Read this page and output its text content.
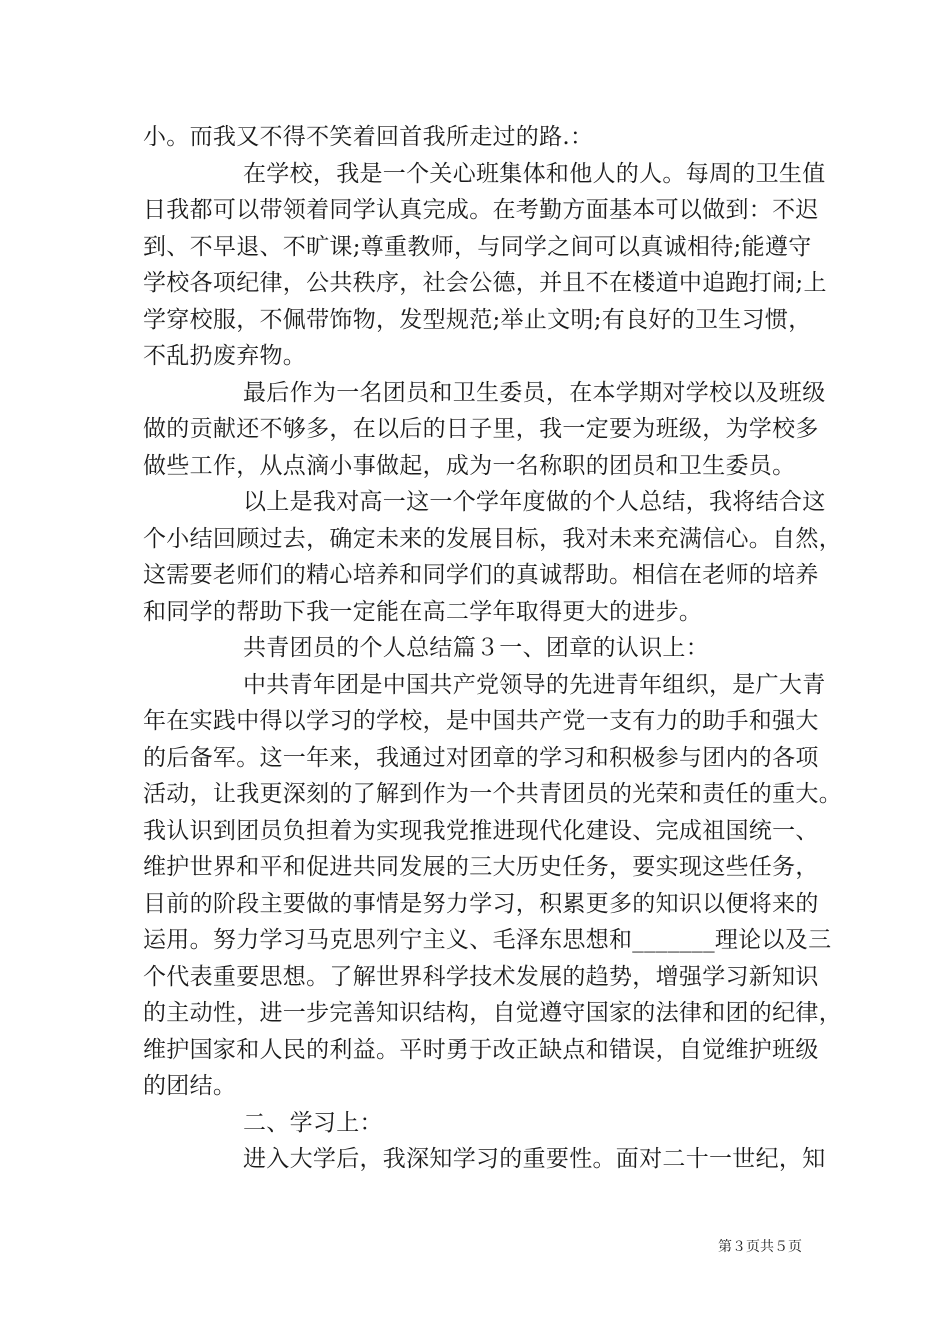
小。而我又不得不笑着回首我所走过的路.：
在学校，我是一个关心班集体和他人的人。每周的卫生值
日我都可以带领着同学认真完成。在考勤方面基本可以做到：不迟
到、不早退、不旷课;尊重教师，与同学之间可以真诚相待;能遵守
学校各项纪律，公共秩序，社会公德，并且不在楼道中追跑打闹;上
学穿校服，不佩带饰物，发型规范;举止文明;有良好的卫生习惯，
不乱扔废弃物。
最后作为一名团员和卫生委员，在本学期对学校以及班级
做的贡献还不够多，在以后的日子里，我一定要为班级，为学校多
做些工作，从点滴小事做起，成为一名称职的团员和卫生委员。
以上是我对高一这一个学年度做的个人总结，我将结合这
个小结回顾过去，确定未来的发展目标，我对未来充满信心。自然，
这需要老师们的精心培养和同学们的真诚帮助。相信在老师的培养
和同学的帮助下我一定能在高二学年取得更大的进步。
共青团员的个人总结篇３一、团章的认识上：
中共青年团是中国共产党领导的先进青年组织，是广大青
年在实践中得以学习的学校，是中国共产党一支有力的助手和强大
的后备军。这一年来，我通过对团章的学习和积极参与团内的各项
活动，让我更深刻的了解到作为一个共青团员的光荣和责任的重大。
我认识到团员负担着为实现我党推进现代化建设、完成祖国统一、
维护世界和平和促进共同发展的三大历史任务，要实现这些任务，
目前的阶段主要做的事情是努力学习，积累更多的知识以便将来的
运用。努力学习马克思列宁主义、毛泽东思想和_______理论以及三
个代表重要思想。了解世界科学技术发展的趋势，增强学习新知识
的主动性，进一步完善知识结构，自觉遵守国家的法律和团的纪律，
维护国家和人民的利益。平时勇于改正缺点和错误，自觉维护班级
的团结。
二、学习上：
进入大学后，我深知学习的重要性。面对二十一世纪，知
第３页共５页
